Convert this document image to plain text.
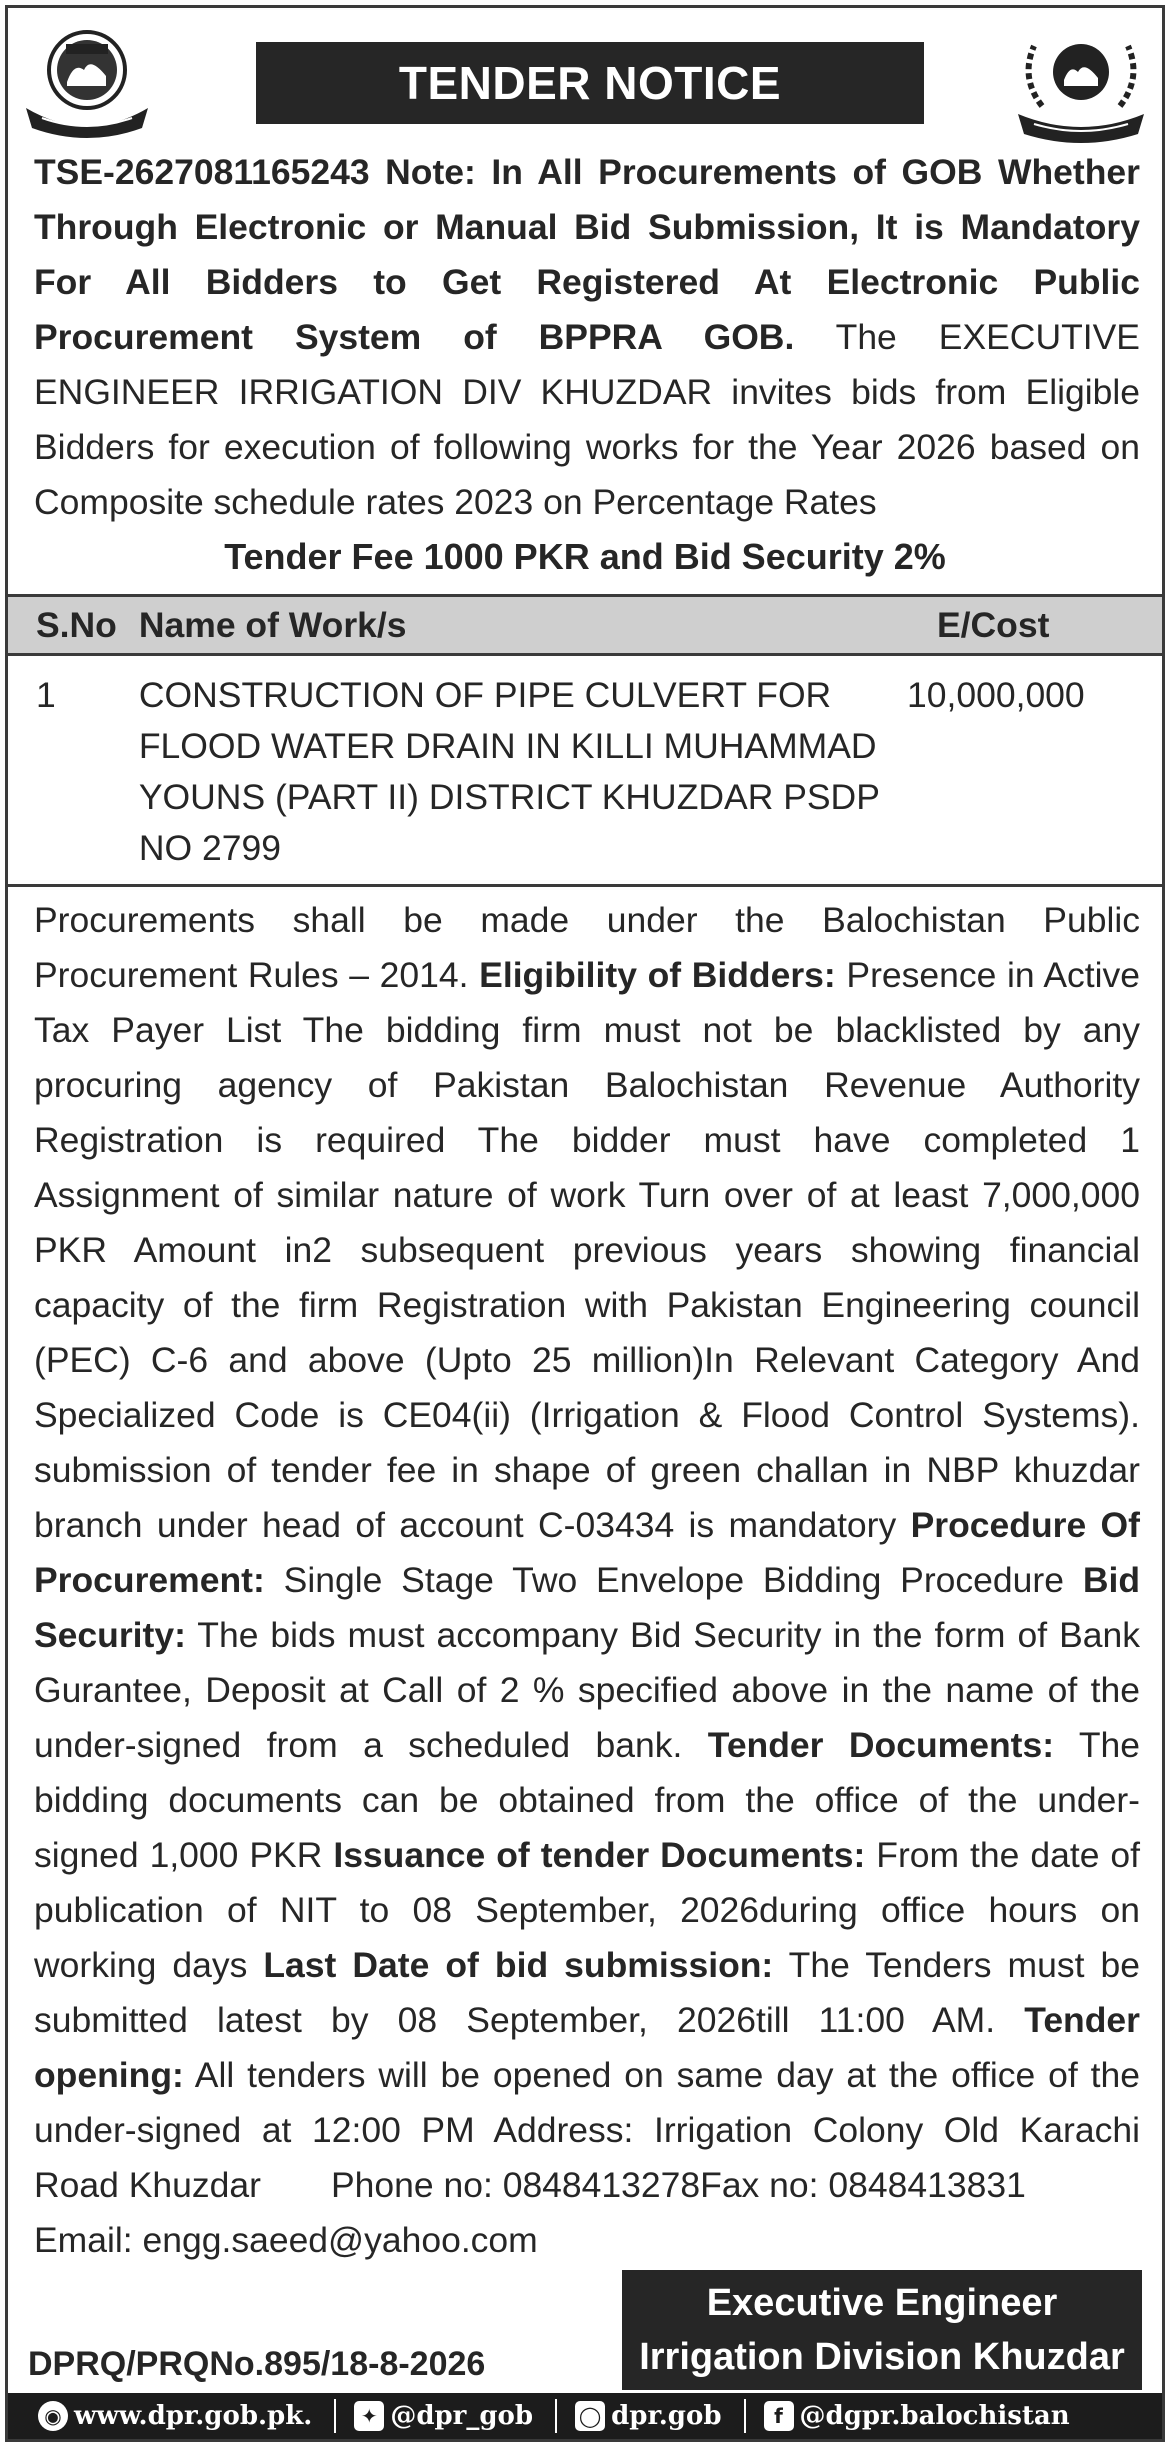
TENDER NOTICE
TSE-2627081165243 Note: In All Procurements of GOB Whether Through Electronic or Manual Bid Submission, It is Mandatory For All Bidders to Get Registered At Electronic Public Procurement System of BPPRA GOB. The EXECUTIVE ENGINEER IRRIGATION DIV KHUZDAR invites bids from Eligible Bidders for execution of following works for the Year 2026 based on Composite schedule rates 2023 on Percentage Rates
Tender Fee 1000 PKR and Bid Security 2%
S.No	Name of Work/s	E/Cost
1	CONSTRUCTION OF PIPE CULVERT FOR FLOOD WATER DRAIN IN KILLI MUHAMMAD YOUNS (PART II) DISTRICT KHUZDAR PSDP NO 2799	10,000,000
Procurements shall be made under the Balochistan Public Procurement Rules – 2014. Eligibility of Bidders: Presence in Active Tax Payer List The bidding firm must not be blacklisted by any procuring agency of Pakistan Balochistan Revenue Authority Registration is required The bidder must have completed 1 Assignment of similar nature of work Turn over of at least 7,000,000 PKR Amount in2 subsequent previous years showing financial capacity of the firm Registration with Pakistan Engineering council (PEC) C-6 and above (Upto 25 million)In Relevant Category And Specialized Code is CE04(ii) (Irrigation & Flood Control Systems). submission of tender fee in shape of green challan in NBP khuzdar branch under head of account C-03434 is mandatory Procedure Of Procurement: Single Stage Two Envelope Bidding Procedure Bid Security: The bids must accompany Bid Security in the form of Bank Gurantee, Deposit at Call of 2 % specified above in the name of the under-signed from a scheduled bank. Tender Documents: The bidding documents can be obtained from the office of the under-signed 1,000 PKR Issuance of tender Documents: From the date of publication of NIT to 08 September, 2026during office hours on working days Last Date of bid submission: The Tenders must be submitted latest by 08 September, 2026till 11:00 AM. Tender opening: All tenders will be opened on same day at the office of the under-signed at 12:00 PM Address: Irrigation Colony Old Karachi Road Khuzdar Phone no: 0848413278Fax no: 0848413831
Email: engg.saeed@yahoo.com
DPRQ/PRQNo.895/18-8-2026
Executive Engineer
Irrigation Division Khuzdar
◉ www.dpr.gob.pk.	✦ @dpr_gob ◯ dpr.gob	f @dgpr.balochistan
